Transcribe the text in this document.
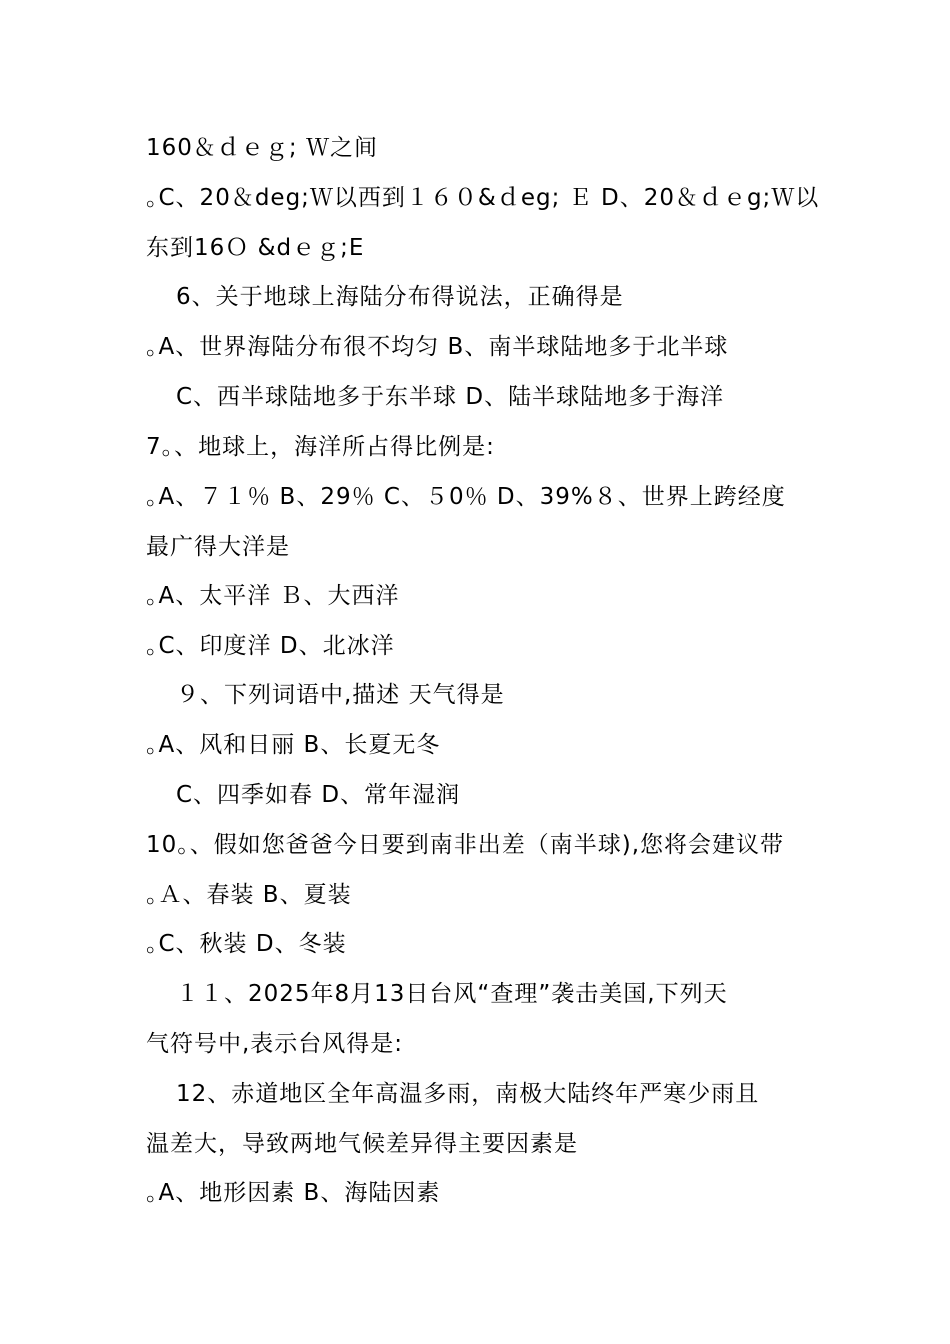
160＆ｄｅｇ; Ｗ之间
｡C、20＆deg;Ｗ以西到１６０&ｄeg; Ｅ D、20＆ｄｅg;Ｗ以
东到16Ｏ &dｅｇ;E
6、关于地球上海陆分布得说法，正确得是
｡A、世界海陆分布很不均匀 B、南半球陆地多于北半球
C、西半球陆地多于东半球 D、陆半球陆地多于海洋
7｡、地球上，海洋所占得比例是:
｡A、７１％ B、29％ C、５0％ D、39%８、世界上跨经度
最广得大洋是
｡A、太平洋 Ｂ、大西洋
｡C、印度洋 D、北冰洋
９、下列词语中,描述 天气得是
｡A、风和日丽 B、长夏无冬
C、四季如春 D、常年湿润
10｡、假如您爸爸今日要到南非出差（南半球),您将会建议带
｡Ａ、春装 B、夏装
｡C、秋装 D、冬装
１１、2025年8月13日台风“查理”袭击美国,下列天
气符号中,表示台风得是:
12、赤道地区全年高温多雨，南极大陆终年严寒少雨且
温差大，导致两地气候差异得主要因素是
｡A、地形因素 B、海陆因素
